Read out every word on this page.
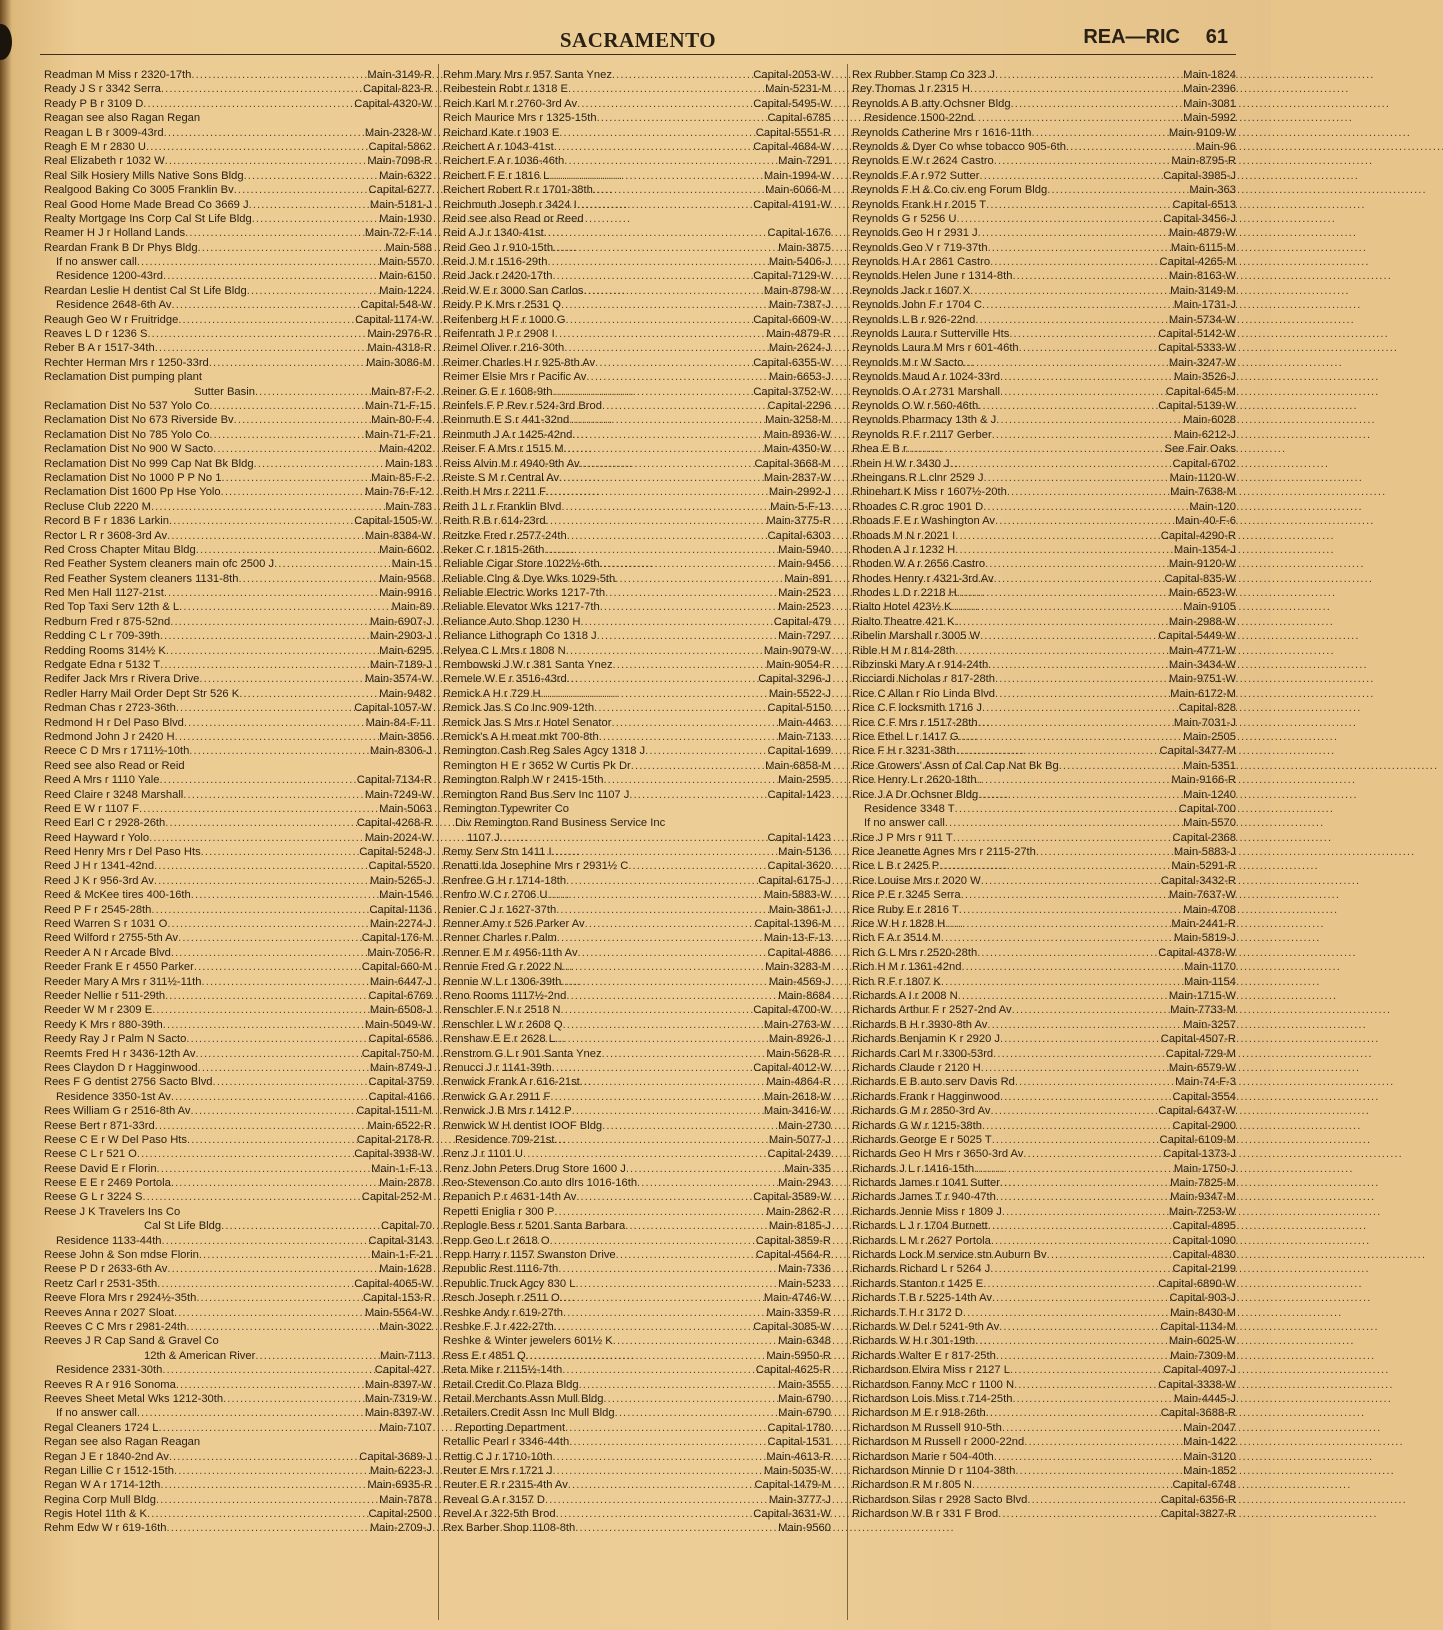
SACRAMENTO	REA—RIC 61
Readman M Miss r 2320-17th . . .	Main-3149-R
Ready J S r 3342 Serra . . .	Capital-823-R
Ready P B r 3109 D . . .	Capital-4320-W
Reagan see also Ragan Regan
Reagan L B r 3009-43rd . . .	Main-2328-W
Reagh E M r 2830 U . . .	Capital-5862
Real Elizabeth r 1032 W . . .	Main-7098-R
Real Silk Hosiery Mills Native Sons Bldg . . .	Main-6322
Realgood Baking Co 3005 Franklin Bv . . .	Capital-6277
Real Good Home Made Bread Co 3669 J . . .	Main-5181-J
Realty Mortgage Ins Corp Cal St Life Bldg . . .	Main-1930
Reamer H J r Holland Lands . . .	Main-72-F-14
Reardan Frank B Dr Phys Bldg . . .	Main-588
If no answer call . . .	Main-5570
Residence 1200-43rd . . .	Main-6150
Reardan Leslie H dentist Cal St Life Bldg . . .	Main-1224
Residence 2648-6th Av . . .	Capital-548-W
Reaugh Geo W r Fruitridge . . .	Capital-1174-W
Reaves L D r 1236 S . . .	Main-2976-R
Reber B A r 1517-34th . . .	Main-4318-R
Rechter Herman Mrs r 1250-33rd . . .	Main-3086-M
Reclamation Dist pumping plant
Sutter Basin . . .	Main-87-F-2
Reclamation Dist No 537 Yolo Co . . .	Main-71-F-15
Reclamation Dist No 673 Riverside Bv . . .	Main-80-F-4
Reclamation Dist No 785 Yolo Co . . .	Main-71-F-21
Reclamation Dist No 900 W Sacto . . .	Main-4202
Reclamation Dist No 999 Cap Nat Bk Bldg . . .	Main-183
Reclamation Dist No 1000 P P No 1 . . .	Main-85-F-2
Reclamation Dist 1600 Pp Hse Yolo . . .	Main-76-F-12
Recluse Club 2220 M . . .	Main-783
Record B F r 1836 Larkin . . .	Capital-1505-W
Rector L R r 3608-3rd Av . . .	Main-8384-W
Red Cross Chapter Mitau Bldg . . .	Main-6602
Red Feather System cleaners main ofc 2500 J . . .	Main-15
Red Feather System cleaners 1131-8th . . .	Main-9568
Red Men Hall 1127-21st . . .	Main-9916
Red Top Taxi Serv 12th & L . . .	Main-89
Redburn Fred r 875-52nd . . .	Main-6907-J
Redding C L r 709-39th . . .	Main-2903-J
Redding Rooms 314½ K . . .	Main-6295
Redgate Edna r 5132 T . . .	Main-7189-J
Redifer Jack Mrs r Rivera Drive . . .	Main-3574-W
Redler Harry Mail Order Dept Str 526 K . . .	Main-9482
Redman Chas r 2723-36th . . .	Capital-1057-W
Redmond H r Del Paso Blvd . . .	Main-84-F-11
Redmond John J r 2420 H . . .	Main-3856
Reece C D Mrs r 1711½-10th . . .	Main-8306-J
Reed see also Read or Reid
Reed A Mrs r 1110 Yale . . .	Capital-7134-R
Reed Claire r 3248 Marshall . . .	Main-7249-W
Reed E W r 1107 F . . .	Main-5063
Reed Earl C r 2928-26th . . .	Capital-4268-R
Reed Hayward r Yolo . . .	Main-2024-W
Reed Henry Mrs r Del Paso Hts . . .	Capital-5248-J
Reed J H r 1341-42nd . . .	Capital-5520
Reed J K r 956-3rd Av . . .	Main-5265-J
Reed & McKee tires 400-16th . . .	Main-1546
Reed P F r 2545-28th . . .	Capital-1136
Reed Warren S r 1031 O . . .	Main-2274-J
Reed Wilford r 2755-5th Av . . .	Capital-176-M
Reeder A N r Arcade Blvd . . .	Main-7056-R
Reeder Frank E r 4550 Parker . . .	Capital-660-M
Reeder Mary A Mrs r 311½-11th . . .	Main-6447-J
Reeder Nellie r 511-29th . . .	Capital-6769
Reeder W M r 2309 E . . .	Main-6508-J
Reedy K Mrs r 880-39th . . .	Main-5049-W
Reedy Ray J r Palm N Sacto . . .	Capital-6586
Reemts Fred H r 3436-12th Av . . .	Capital-750-M
Rees Claydon D r Hagginwood . . .	Main-8749-J
Rees F G dentist 2756 Sacto Blvd . . .	Capital-3759
Residence 3350-1st Av . . .	Capital-4166
Rees William G r 2516-8th Av . . .	Capital-1511-M
Reese Bert r 871-33rd . . .	Main-6522-R
Reese C E r W Del Paso Hts . . .	Capital-2178-R
Reese C L r 521 O . . .	Capital-3938-W
Reese David E r Florin . . .	Main-1-F-13
Reese E E r 2469 Portola . . .	Main-2878
Reese G L r 3224 S . . .	Capital-252-M
Reese J K Travelers Ins Co
Cal St Life Bldg . . .	Capital-70
Residence 1133-44th . . .	Capital-3143
Reese John & Son mdse Florin . . .	Main-1-F-21
Reese P D r 2633-6th Av . . .	Main-1628
Reetz Carl r 2531-35th . . .	Capital-4065-W
Reeve Flora Mrs r 2924½-35th . . .	Capital-153-R
Reeves Anna r 2027 Sloat . . .	Main-5564-W
Reeves C C Mrs r 2981-24th . . .	Main-3022
Reeves J R Cap Sand & Gravel Co
12th & American River . . .	Main-7113
Residence 2331-30th . . .	Capital-427
Reeves R A r 916 Sonoma . . .	Main-8397-W
Reeves Sheet Metal Wks 1212-30th . . .	Main-7319-W
If no answer call . . .	Main-8397-W
Regal Cleaners 1724 L . . .	Main-7107
Regan see also Ragan Reagan
Regan J E r 1840-2nd Av . . .	Capital-3689-J
Regan Lillie C r 1512-15th . . .	Main-6223-J
Regan W A r 1714-12th . . .	Main-6935-R
Regina Corp Mull Bldg . . .	Main-7878
Regis Hotel 11th & K . . .	Capital-2500
Rehm Edw W r 619-16th . . .	Main-2709-J
Rehm Mary Mrs r 957 Santa Ynez . . .	Capital-2053-W
Reibestein Robt r 1318 E . . .	Main-5231-M
Reich Karl M r 2760-3rd Av . . .	Capital-5495-W
Reich Maurice Mrs r 1325-15th . . .	Capital-6785
Reichard Kate r 1903 E . . .	Capital-5551-R
Reichert A r 1043-41st . . .	Capital-4684-W
Reichert F A r 1036-46th . . .	Main-7291
Reichert F E r 1816 L . . .	Main-1994-W
Reichert Robert R r 1701-38th . . .	Main-6066-M
Reichmuth Joseph r 3424 I . . .	Capital-4191-W
Reid see also Read or Reed
Reid A J r 1340-41st . . .	Capital-1676
Reid Geo J r 910-15th . . .	Main-3875
Reid J M r 1516-29th . . .	Main-5406-J
Reid Jack r 2420-17th . . .	Capital-7129-W
Reid W E r 3000 San Carlos . . .	Main-8798-W
Reidy P K Mrs r 2531 Q . . .	Main-7387-J
Reifenberg H F r 1000 G . . .	Capital-6609-W
Reifenrath J P r 2908 I . . .	Main-4879-R
Reimel Oliver r 216-30th . . .	Main-2624-J
Reimer Charles H r 925-8th Av . . .	Capital-6355-W
Reimer Elsie Mrs r Pacific Av . . .	Main-6653-J
Reiner G E r 1608-9th . . .	Capital-3752-W
Reinfels F P Rev r 524-3rd Brod . . .	Capital-2296
Reinmuth E S r 441-32nd . . .	Main-3258-M
Reinmuth J A r 1425-42nd . . .	Main-8936-W
Reiser F A Mrs r 1515 M . . .	Main-4350-W
Reiss Alvin M r 4940-9th Av . . .	Capital-3668-M
Reiste S M r Central Av . . .	Main-2837-W
Reith H Mrs r 2211 F . . .	Main-2992-J
Reith J L r Franklin Blvd . . .	Main-5-F-13
Reith R B r 614-23rd . . .	Main-3775-R
Reitzke Fred r 2577-24th . . .	Capital-6303
Reker C r 1815-26th . . .	Main-5940
Reliable Cigar Store 1022½-6th . . .	Main-9456
Reliable Clng & Dye Wks 1029-5th . . .	Main-891
Reliable Electric Works 1217-7th . . .	Main-2523
Reliable Elevator Wks 1217-7th . . .	Main-2523
Reliance Auto Shop 1230 H . . .	Capital-479
Reliance Lithograph Co 1318 J . . .	Main-7297
Relyea C L Mrs r 1808 N . . .	Main-9079-W
Rembowski J W r 381 Santa Ynez . . .	Main-9054-R
Remele W E r 3516-43rd . . .	Capital-3296-J
Remick A H r 729 H . . .	Main-5522-J
Remick Jas S Co Inc 909-12th . . .	Capital-5150
Remick Jas S Mrs r Hotel Senator . . .	Main-4463
Remick's A H meat mkt 700-8th . . .	Main-7133
Remington Cash Reg Sales Agcy 1318 J . . .	Capital-1699
Remington H E r 3652 W Curtis Pk Dr . . .	Main-6858-M
Remington Ralph W r 2415-15th . . .	Main-2595
Remington Rand Bus Serv Inc 1107 J . . .	Capital-1423
Remington Typewriter Co
Div Remington Rand Business Service Inc
1107 J . . .	Capital-1423
Remy Serv Stn 1411 I . . .	Main-5136
Renatti Ida Josephine Mrs r 2931½ C . . .	Capital-3620
Renfree G H r 1714-18th . . .	Capital-6175-J
Renfro W C r 2706 U . . .	Main-5883-W
Renier C J r 1627-37th . . .	Main-3861-J
Renner Amy r 526 Parker Av . . .	Capital-1396-M
Renner Charles r Palm . . .	Main-13-F-13
Renner E M r 4956-11th Av . . .	Capital-4886
Rennie Fred G r 2022 N . . .	Main-3283-M
Rennie W L r 1306-39th . . .	Main-4569-J
Reno Rooms 1117½-2nd . . .	Main-8684
Renschler F N r 2518 N . . .	Capital-4700-W
Renschler L W r 2608 Q . . .	Main-2763-W
Renshaw E E r 2628 L . . .	Main-8926-J
Renstrom G L r 901 Santa Ynez . . .	Main-5628-R
Renucci J r 1141-39th . . .	Capital-4012-W
Renwick Frank A r 616-21st . . .	Main-4864-R
Renwick G A r 2911 F . . .	Main-2618-W
Renwick J B Mrs r 1412 P . . .	Main-3416-W
Renwick W H dentist IOOF Bldg . . .	Main-2730
Residence 709-21st . . .	Main-5077-J
Renz J r 1101 U . . .	Capital-2439
Renz John Peters Drug Store 1600 J . . .	Main-335
Reo-Stevenson Co auto dlrs 1016-16th . . .	Main-2943
Repanich P r 4631-14th Av . . .	Capital-3589-W
Repetti Eniglia r 300 P . . .	Main-2862-R
Replogle Bess r 5201 Santa Barbara . . .	Main-8185-J
Repp Geo L r 2618 O . . .	Capital-3859-R
Repp Harry r 1157 Swanston Drive . . .	Capital-4564-R
Republic Rest 1116-7th . . .	Main-7336
Republic Truck Agcy 830 L . . .	Main-5233
Resch Joseph r 2511 O . . .	Main-4746-W
Reshke Andy r 619-27th . . .	Main-3359-R
Reshke F J r 422-27th . . .	Capital-3085-W
Reshke & Winter jewelers 601½ K . . .	Main-6348
Ress E r 4851 Q . . .	Main-5950-R
Reta Mike r 2115½-14th . . .	Capital-4625-R
Retail Credit Co Plaza Bldg . . .	Main-3555
Retail Merchants Assn Mull Bldg . . .	Main-6790
Retailers Credit Assn Inc Mull Bldg . . .	Main-6790
Reporting Department . . .	Capital-1780
Retallic Pearl r 3346-44th . . .	Capital-1531
Rettig C J r 1710-10th . . .	Main-4613-R
Reuter E Mrs r 1721 J . . .	Main-5035-W
Reuter E R r 2315-4th Av . . .	Capital-1479-M
Reveal G A r 3157 D . . .	Main-3777-J
Revel A r 322-5th Brod . . .	Capital-3631-W
Rex Barber Shop 1108-8th . . .	Main-9560
Rex Rubber Stamp Co 323 J . . .	Main-1824
Rey Thomas J r 2315 H . . .	Main-2396
Reynolds A B atty Ochsner Bldg . . .	Main-3081
Residence 1500-22nd . . .	Main-5992
Reynolds Catherine Mrs r 1616-11th . . .	Main-9109-W
Reynolds & Dyer Co whse tobacco 905-6th . . .	Main-96
Reynolds E W r 2624 Castro . . .	Main-8795-R
Reynolds F A r 972 Sutter . . .	Capital-3985-J
Reynolds F H & Co civ eng Forum Bldg . . .	Main-363
Reynolds Frank H r 2015 T . . .	Capital-6513
Reynolds G r 5256 U . . .	Capital-3456-J
Reynolds Geo H r 2931 J . . .	Main-4879-W
Reynolds Geo V r 719-37th . . .	Main-6115-M
Reynolds H A r 2861 Castro . . .	Capital-4265-M
Reynolds Helen June r 1314-8th . . .	Main-8163-W
Reynolds Jack r 1607 X . . .	Main-3149-M
Reynolds John F r 1704 C . . .	Main-1731-J
Reynolds L B r 926-22nd . . .	Main-5734-W
Reynolds Laura r Sutterville Hts . . .	Capital-5142-W
Reynolds Laura M Mrs r 601-46th . . .	Capital-5333-W
Reynolds M r W Sacto . . .	Main-3247-W
Reynolds Maud A r 1024-33rd . . .	Main-3526-J
Reynolds O A r 2731 Marshall . . .	Capital-645-M
Reynolds O W r 560-46th . . .	Capital-5139-W
Reynolds Pharmacy 13th & J . . .	Main-6028
Reynolds R F r 2117 Gerber . . .	Main-6212-J
Rhea E B r . . .	See Fair Oaks
Rhein H W r 3430 J . . .	Capital-6702
Rheingans R L clnr 2529 J . . .	Main-1120-W
Rhinehart K Miss r 1607½-20th . . .	Main-7638-M
Rhoades C R groc 1901 D . . .	Main-120
Rhoads F E r Washington Av . . .	Main-40-F-6
Rhoads M N r 2021 I . . .	Capital-4290-R
Rhoden A J r 1232 H . . .	Main-1354-J
Rhoden W A r 2656 Castro . . .	Main-9120-W
Rhodes Henry r 4321-3rd Av . . .	Capital-835-W
Rhodes L D r 2218 H . . .	Main-6523-W
Rialto Hotel 423½ K . . .	Main-9105
Rialto Theatre 421 K . . .	Main-2988-W
Ribelin Marshall r 3005 W . . .	Capital-5449-W
Rible H M r 814-28th . . .	Main-4771-W
Ribzinski Mary A r 914-24th . . .	Main-3434-W
Ricciardi Nicholas r 817-28th . . .	Main-9751-W
Rice C Allan r Rio Linda Blvd . . .	Main-6172-M
Rice C F locksmith 1716 J . . .	Capital-828
Rice C F Mrs r 1517-28th . . .	Main-7031-J
Rice Ethel L r 1417 G . . .	Main-2505
Rice F H r 3231-38th . . .	Capital-3477-M
Rice Growers' Assn of Cal Cap Nat Bk Bg . . .	Main-5351
Rice Henry L r 2620-18th . . .	Main-9166-R
Rice J A Dr Ochsner Bldg . . .	Main-1240
Residence 3348 T . . .	Capital-700
If no answer call . . .	Main-5570
Rice J P Mrs r 911 T . . .	Capital-2368
Rice Jeanette Agnes Mrs r 2115-27th . . .	Main-5883-J
Rice L B r 2425 P . . .	Main-5291-R
Rice Louise Mrs r 2020 W . . .	Capital-3432-R
Rice P E r 3245 Serra . . .	Main-7637-W
Rice Ruby E r 2816 T . . .	Main-4708
Rice W H r 1828 H . . .	Main-2441-R
Rich F A r 3514 M . . .	Main-5819-J
Rich G L Mrs r 2520-28th . . .	Capital-4378-W
Rich H M r 1361-42nd . . .	Main-1170
Rich R F r 1807 K . . .	Main-1154
Richards A I r 2008 N . . .	Main-1715-W
Richards Arthur F r 2527-2nd Av . . .	Main-7733-M
Richards B H r 3930-8th Av . . .	Main-3257
Richards Benjamin K r 2920 J . . .	Capital-4507-R
Richards Carl M r 3300-53rd . . .	Capital-729-M
Richards Claude r 2120 H . . .	Main-6579-W
Richards E B auto serv Davis Rd . . .	Main-74-F-3
Richards Frank r Hagginwood . . .	Capital-3554
Richards G M r 2850-3rd Av . . .	Capital-6437-W
Richards G W r 1215-38th . . .	Capital-2900
Richards George E r 5025 T . . .	Capital-6109-M
Richards Geo H Mrs r 3650-3rd Av . . .	Capital-1373-J
Richards J L r 1416-15th . . .	Main-1750-J
Richards James r 1041 Sutter . . .	Main-7825-M
Richards James T r 940-47th . . .	Main-9347-M
Richards Jennie Miss r 1809 J . . .	Main-7253-W
Richards L J r 1704 Burnett . . .	Capital-4895
Richards L M r 2627 Portola . . .	Capital-1090
Richards Lock M service stn Auburn Bv . . .	Capital-4830
Richards Richard L r 5264 J . . .	Capital-2199
Richards Stanton r 1425 E . . .	Capital-6890-W
Richards T B r 5225-14th Av . . .	Capital-903-J
Richards T H r 3172 D . . .	Main-8430-M
Richards W Del r 5241-9th Av . . .	Capital-1134-M
Richards W H r 301-19th . . .	Main-6025-W
Richards Walter E r 817-25th . . .	Main-7309-M
Richardson Elvira Miss r 2127 L . . .	Capital-4097-J
Richardson Fanny McC r 1100 N . . .	Capital-3338-W
Richardson Lois Miss r 714-25th . . .	Main-4445-J
Richardson M E r 918-26th . . .	Capital-3688-R
Richardson M Russell 910-5th . . .	Main-2047
Richardson M Russell r 2000-22nd . . .	Main-1422
Richardson Marie r 504-40th . . .	Main-3120
Richardson Minnie D r 1104-38th . . .	Main-1852
Richardson R M r 805 N . . .	Capital-6748
Richardson Silas r 2928 Sacto Blvd . . .	Capital-6356-R
Richardson W B r 331 F Brod . . .	Capital-3827-R
